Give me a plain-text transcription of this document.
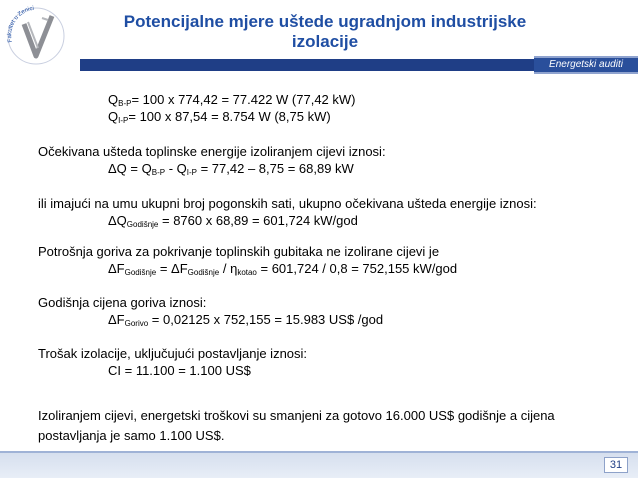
Fakultet u Zenici
Potencijalne mjere uštede ugradnjom industrijske
izolacije
Energetski auditi
$Q_{B-P}= 100$ x 774,42 = 77.422 W (77,42 kW)
$Q_{I-P}= 100$ x 87,54 = 8.754 W (8,75 kW)
Očekivana ušteda toplinske energije izoliranjem cijevi iznosi:
$\Delta Q = Q_{B-P} - Q_{I-P} = 77,42 - 8,75 = 68,89$ kW
ili imajući na umu ukupni broj pogonskih sati, ukupno očekivana ušteda energije iznosi:
$\Delta Q_{Godišnje} = 8760$ x 68,89 = 601,724 kW/god
Potrošnja goriva za pokrivanje toplinskih gubitaka ne izolirane cijevi je
$\Delta F_{Godišnje} = \Delta F_{Godišnje} / \eta_{kotao} = 601,724 / 0,8 = 752,155$ kW/god
Godišnja cijena goriva iznosi:
$\Delta F_{Gorivo} = 0,02125$ x 752,155 = 15.983 US$ /god
Trošak izolacije, uključujući postavljanje iznosi:
CI = 11.100 = 1.100 US$
Izoliranjem cijevi, energetski troškovi su smanjeni za gotovo 16.000 US$ godišnje a cijena
postavljanja je samo 1.100 US$.
31
